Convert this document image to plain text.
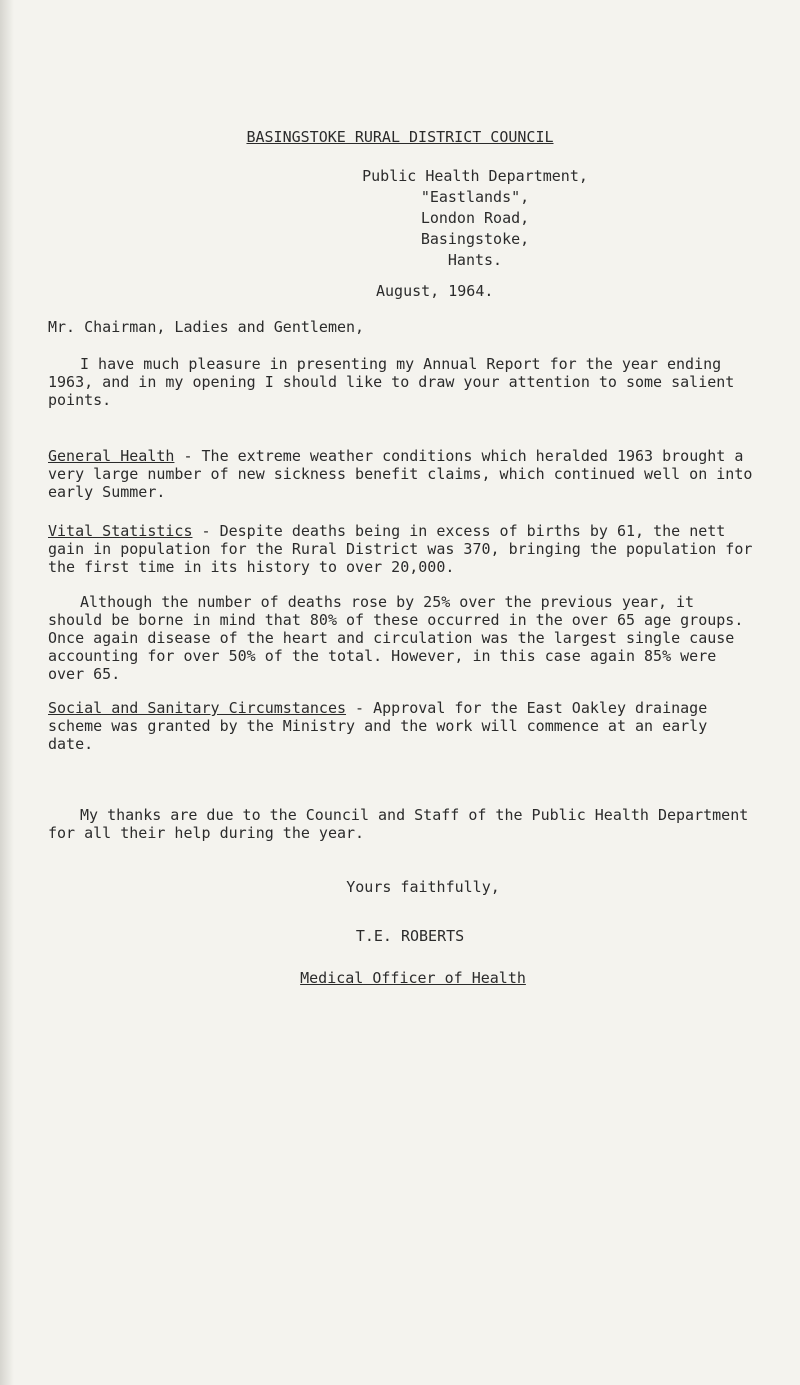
BASINGSTOKE RURAL DISTRICT COUNCIL
Public Health Department,
"Eastlands",
London Road,
Basingstoke,
Hants.
August, 1964.
Mr. Chairman, Ladies and Gentlemen,

I have much pleasure in presenting my Annual Report for the year ending 1963, and in my opening I should like to draw your attention to some salient points.

General Health - The extreme weather conditions which heralded 1963 brought a very large number of new sickness benefit claims, which continued well on into early Summer.

Vital Statistics - Despite deaths being in excess of births by 61, the nett gain in population for the Rural District was 370, bringing the population for the first time in its history to over 20,000.

Although the number of deaths rose by 25% over the previous year, it should be borne in mind that 80% of these occurred in the over 65 age groups. Once again disease of the heart and circulation was the largest single cause accounting for over 50% of the total. However, in this case again 85% were over 65.

Social and Sanitary Circumstances - Approval for the East Oakley drainage scheme was granted by the Ministry and the work will commence at an early date.

My thanks are due to the Council and Staff of the Public Health Department for all their help during the year.

Yours faithfully,
T.E. ROBERTS
Medical Officer of Health
